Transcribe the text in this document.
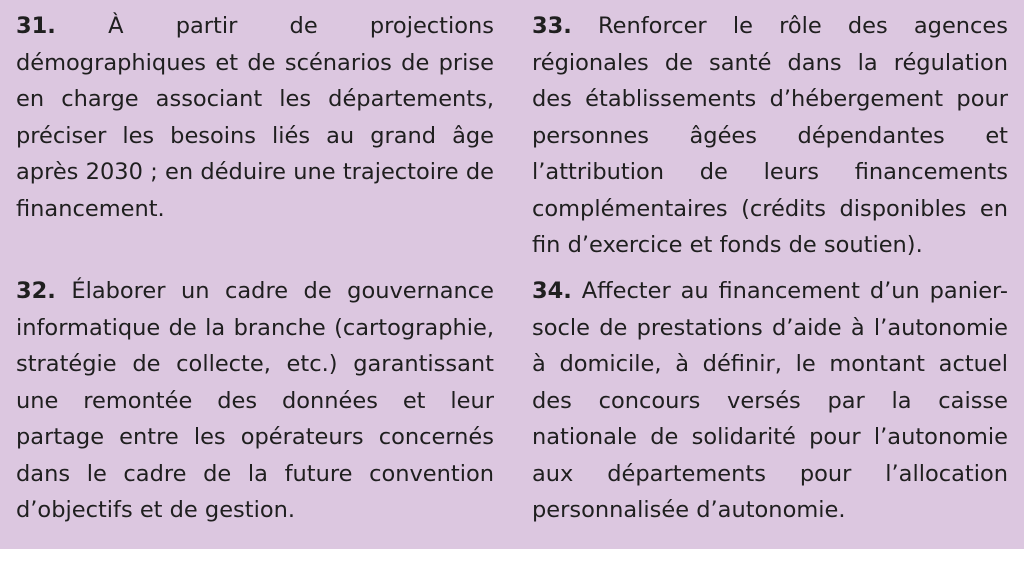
31. À partir de projections démographiques et de scénarios de prise en charge associant les départements, préciser les besoins liés au grand âge après 2030 ; en déduire une trajectoire de financement.

33. Renforcer le rôle des agences régionales de santé dans la régulation des établissements d’hébergement pour personnes âgées dépendantes et l’attribution de leurs financements complémentaires (crédits disponibles en fin d’exercice et fonds de soutien).

32. Élaborer un cadre de gouvernance informatique de la branche (cartographie, stratégie de collecte, etc.) garantissant une remontée des données et leur partage entre les opérateurs concernés dans le cadre de la future convention d’objectifs et de gestion.

34. Affecter au financement d’un panier-socle de prestations d’aide à l’autonomie à domicile, à définir, le montant actuel des concours versés par la caisse nationale de solidarité pour l’autonomie aux départements pour l’allocation personnalisée d’autonomie.
